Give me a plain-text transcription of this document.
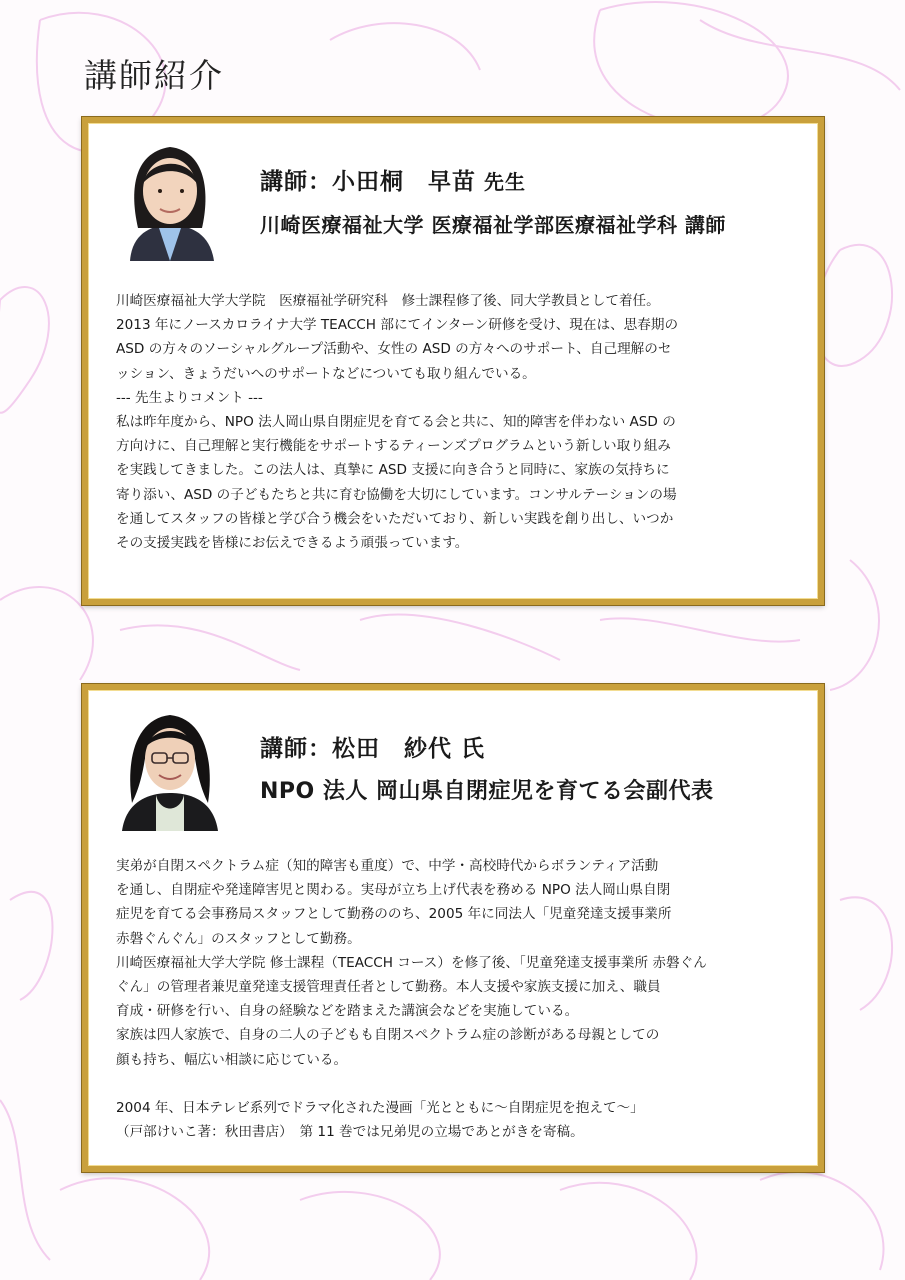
講師紹介
講師：小田桐　早苗 先生

川崎医療福祉大学 医療福祉学部医療福祉学科 講師

川崎医療福祉大学大学院　医療福祉学研究科　修士課程修了後、同大学教員として着任。
2013 年にノースカロライナ大学 TEACCH 部にてインターン研修を受け、現在は、思春期の
ASD の方々のソーシャルグループ活動や、女性の ASD の方々へのサポート、自己理解のセ
ッション、きょうだいへのサポートなどについても取り組んでいる。
--- 先生よりコメント ---
私は昨年度から、NPO 法人岡山県自閉症児を育てる会と共に、知的障害を伴わない ASD の
方向けに、自己理解と実行機能をサポートするティーンズプログラムという新しい取り組み
を実践してきました。この法人は、真摯に ASD 支援に向き合うと同時に、家族の気持ちに
寄り添い、ASD の子どもたちと共に育む協働を大切にしています。コンサルテーションの場
を通してスタッフの皆様と学び合う機会をいただいており、新しい実践を創り出し、いつか
その支援実践を皆様にお伝えできるよう頑張っています。
講師：松田　紗代 氏

NPO 法人 岡山県自閉症児を育てる会副代表

実弟が自閉スペクトラム症（知的障害も重度）で、中学・高校時代からボランティア活動
を通し、自閉症や発達障害児と関わる。実母が立ち上げ代表を務める NPO 法人岡山県自閉
症児を育てる会事務局スタッフとして勤務ののち、2005 年に同法人「児童発達支援事業所
赤磐ぐんぐん」のスタッフとして勤務。
川崎医療福祉大学大学院 修士課程（TEACCH コース）を修了後、「児童発達支援事業所 赤磐ぐん
ぐん」の管理者兼児童発達支援管理責任者として勤務。本人支援や家族支援に加え、職員
育成・研修を行い、自身の経験などを踏まえた講演会などを実施している。
家族は四人家族で、自身の二人の子どもも自閉スペクトラム症の診断がある母親としての
顔も持ち、幅広い相談に応じている。
2004 年、日本テレビ系列でドラマ化された漫画「光とともに～自閉症児を抱えて～」
（戸部けいこ著：秋田書店）　第 11 巻では兄弟児の立場であとがきを寄稿。
